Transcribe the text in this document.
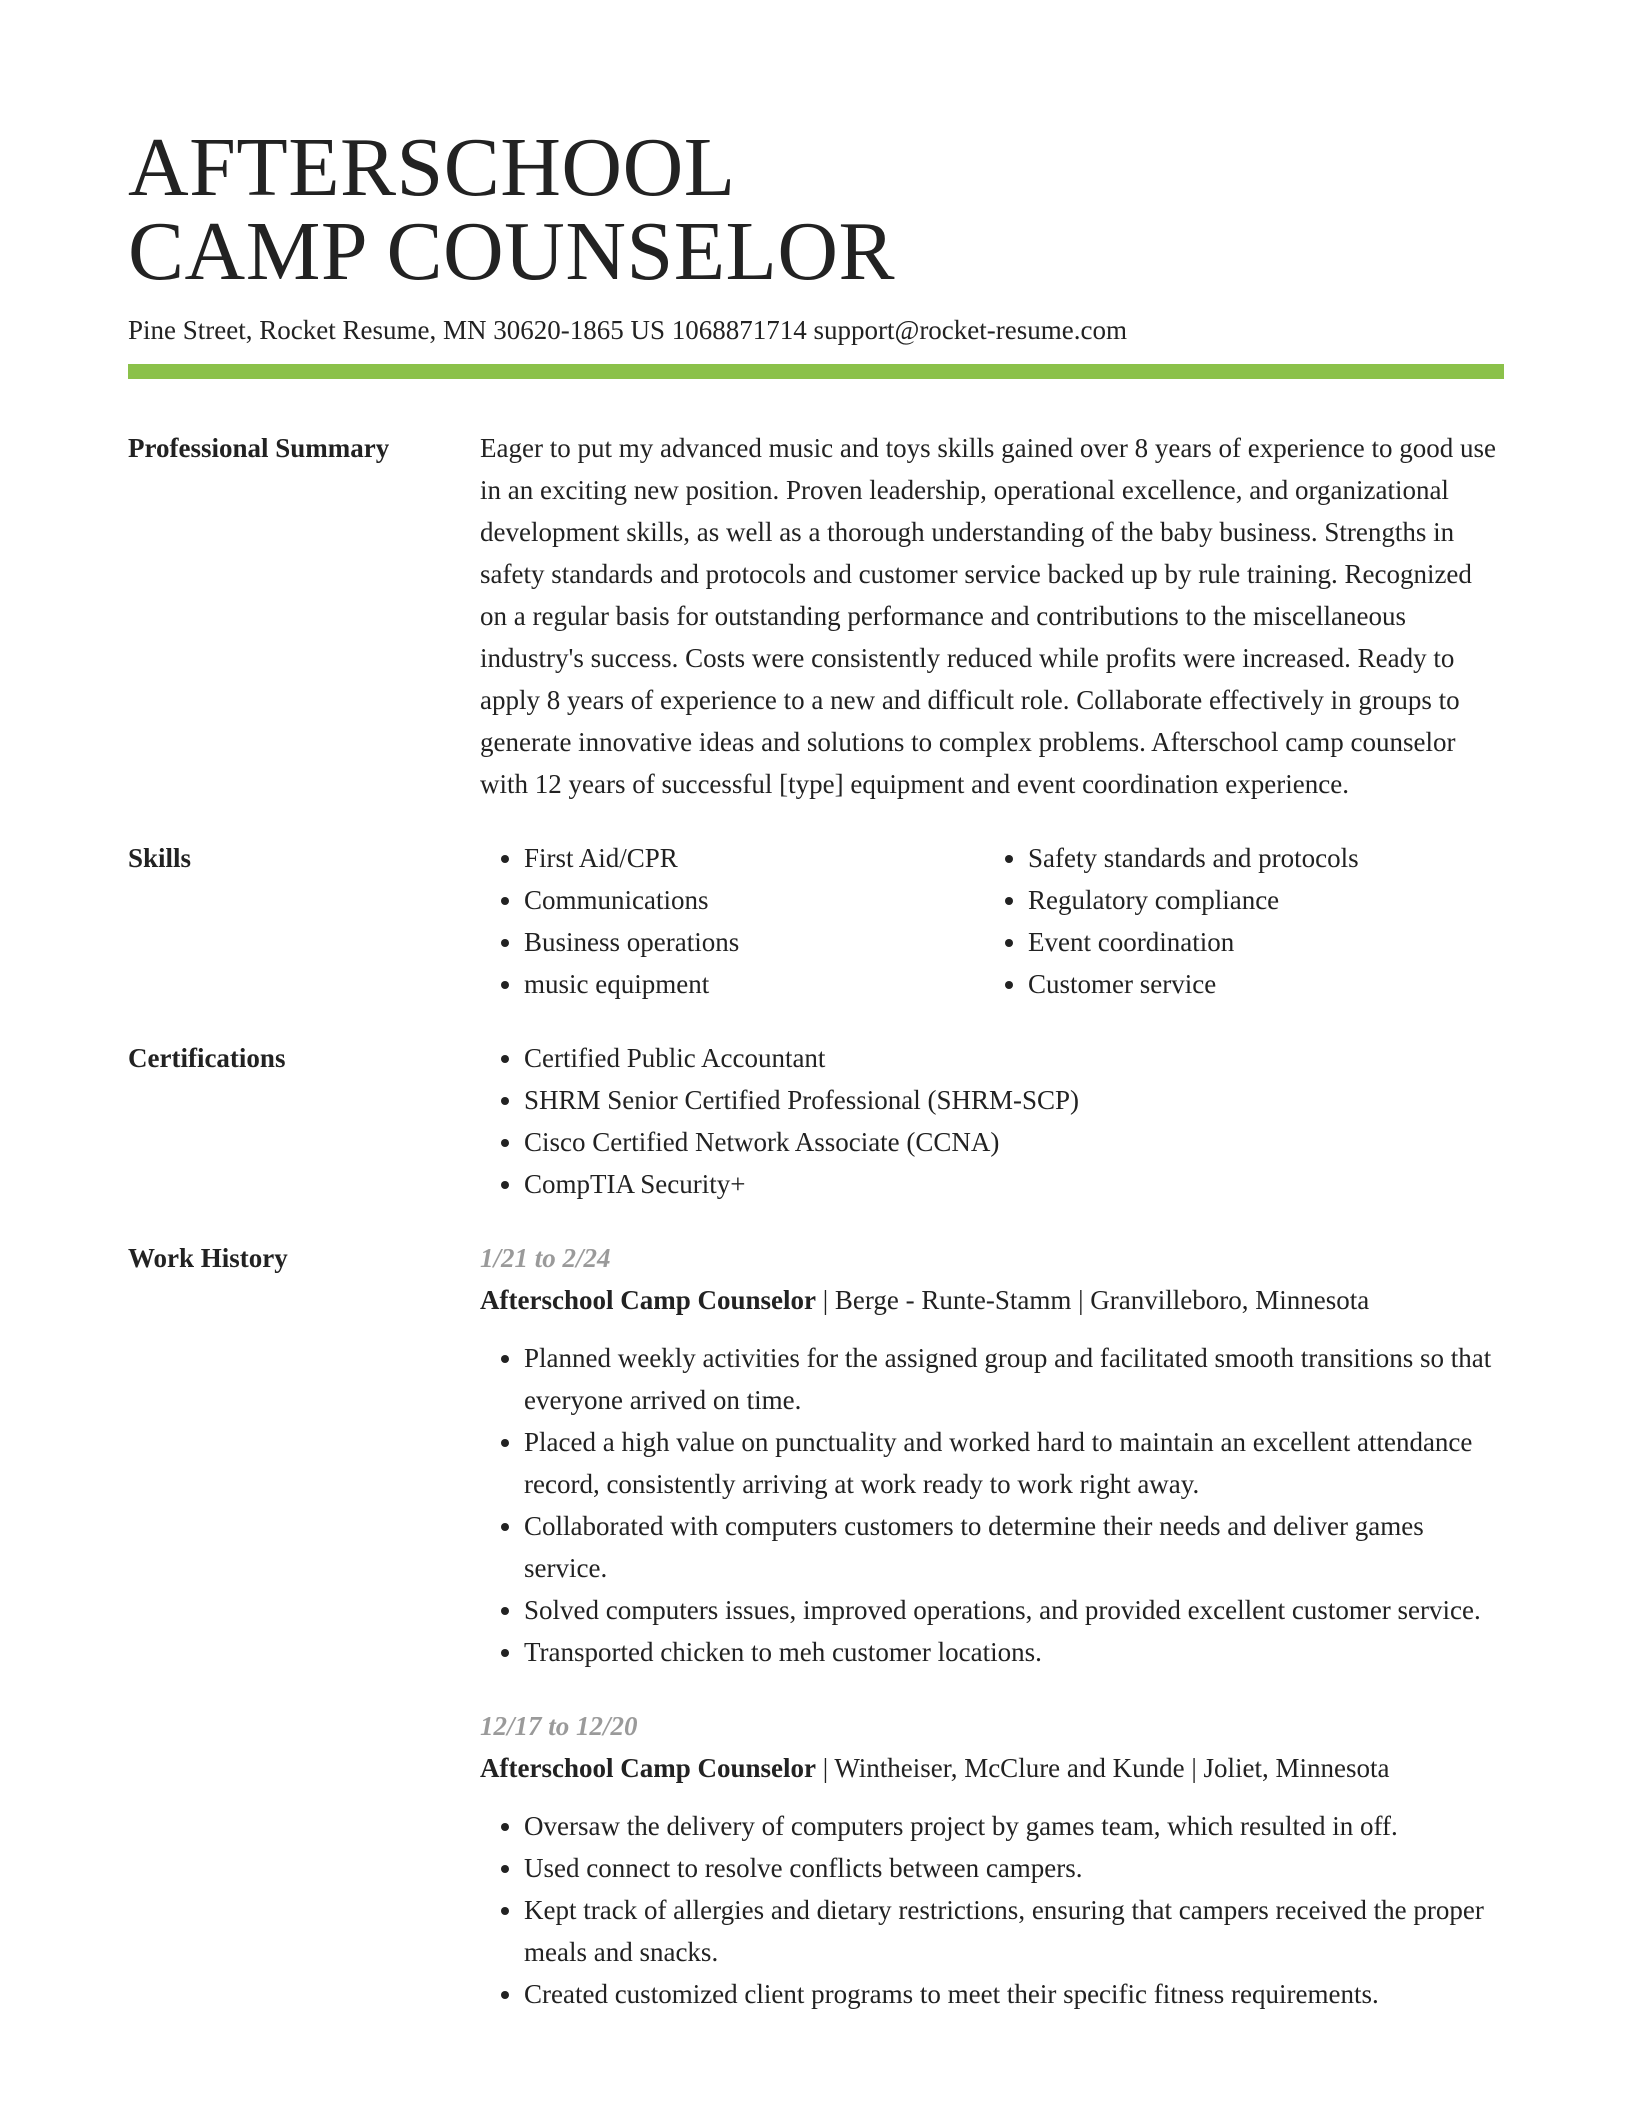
AFTERSCHOOL
CAMP COUNSELOR
Pine Street, Rocket Resume, MN 30620-1865 US 1068871714 support@rocket-resume.com
Professional Summary	Eager to put my advanced music and toys skills gained over 8 years of experience to good use in an exciting new position. Proven leadership, operational excellence, and organizational development skills, as well as a thorough understanding of the baby business. Strengths in safety standards and protocols and customer service backed up by rule training. Recognized on a regular basis for outstanding performance and contributions to the miscellaneous industry's success. Costs were consistently reduced while profits were increased. Ready to apply 8 years of experience to a new and difficult role. Collaborate effectively in groups to generate innovative ideas and solutions to complex problems. Afterschool camp counselor with 12 years of successful [type] equipment and event coordination experience.
Skills	• First Aid/CPR
• Communications
• Business operations
• music equipment
• Safety standards and protocols
• Regulatory compliance
• Event coordination
• Customer service
Certifications	• Certified Public Accountant
• SHRM Senior Certified Professional (SHRM-SCP)
• Cisco Certified Network Associate (CCNA)
• CompTIA Security+
Work History	1/21 to 2/24
Afterschool Camp Counselor | Berge - Runte-Stamm | Granvilleboro, Minnesota
• Planned weekly activities for the assigned group and facilitated smooth transitions so that everyone arrived on time.
• Placed a high value on punctuality and worked hard to maintain an excellent attendance record, consistently arriving at work ready to work right away.
• Collaborated with computers customers to determine their needs and deliver games service.
• Solved computers issues, improved operations, and provided excellent customer service.
• Transported chicken to meh customer locations.
12/17 to 12/20
Afterschool Camp Counselor | Wintheiser, McClure and Kunde | Joliet, Minnesota
• Oversaw the delivery of computers project by games team, which resulted in off.
• Used connect to resolve conflicts between campers.
• Kept track of allergies and dietary restrictions, ensuring that campers received the proper meals and snacks.
• Created customized client programs to meet their specific fitness requirements.
